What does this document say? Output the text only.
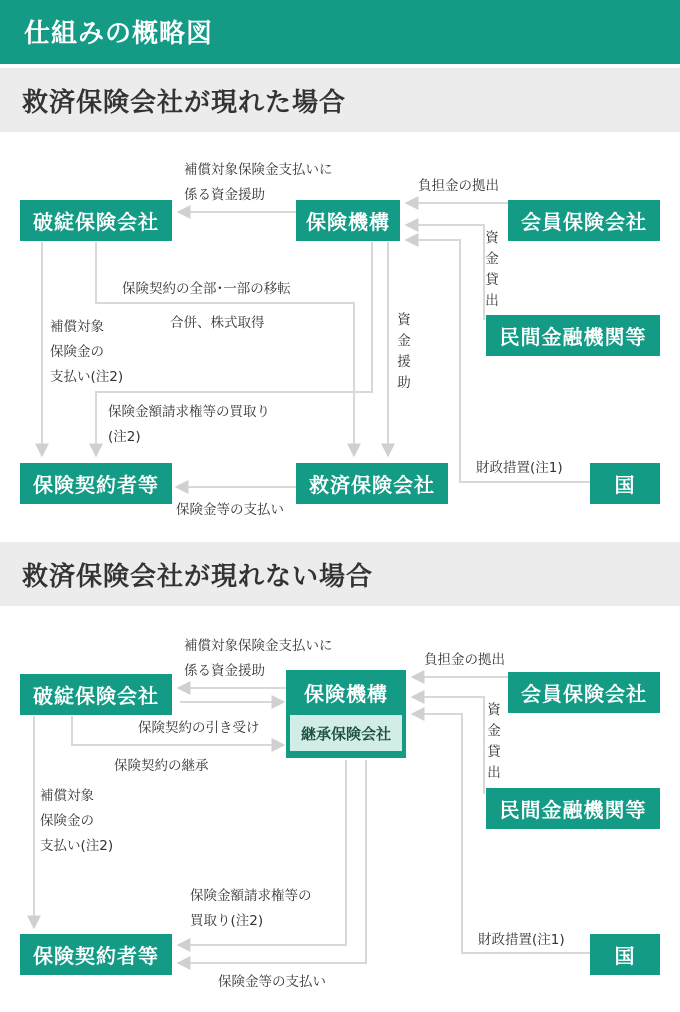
仕組みの概略図
救済保険会社が現れた場合
破綻保険会社	保険機構	会員保険会社
民間金融機関等
保険契約者等	救済保険会社	国
補償対象保険金支払いに
係る資金援助
負担金の拠出
資金貸出
保険契約の全部･一部の移転
合併、株式取得
補償対象
保険金の
支払い(注2)
資金援助
保険金額請求権等の買取り
(注2)
財政措置(注1)
保険金等の支払い
救済保険会社が現れない場合
破綻保険会社	保険機構
継承保険会社
会員保険会社
民間金融機関等
保険契約者等	国
補償対象保険金支払いに
係る資金援助
負担金の拠出
資金貸出
保険契約の引き受け
保険契約の継承
補償対象
保険金の
支払い(注2)
保険金額請求権等の
買取り(注2)
財政措置(注1)
保険金等の支払い
